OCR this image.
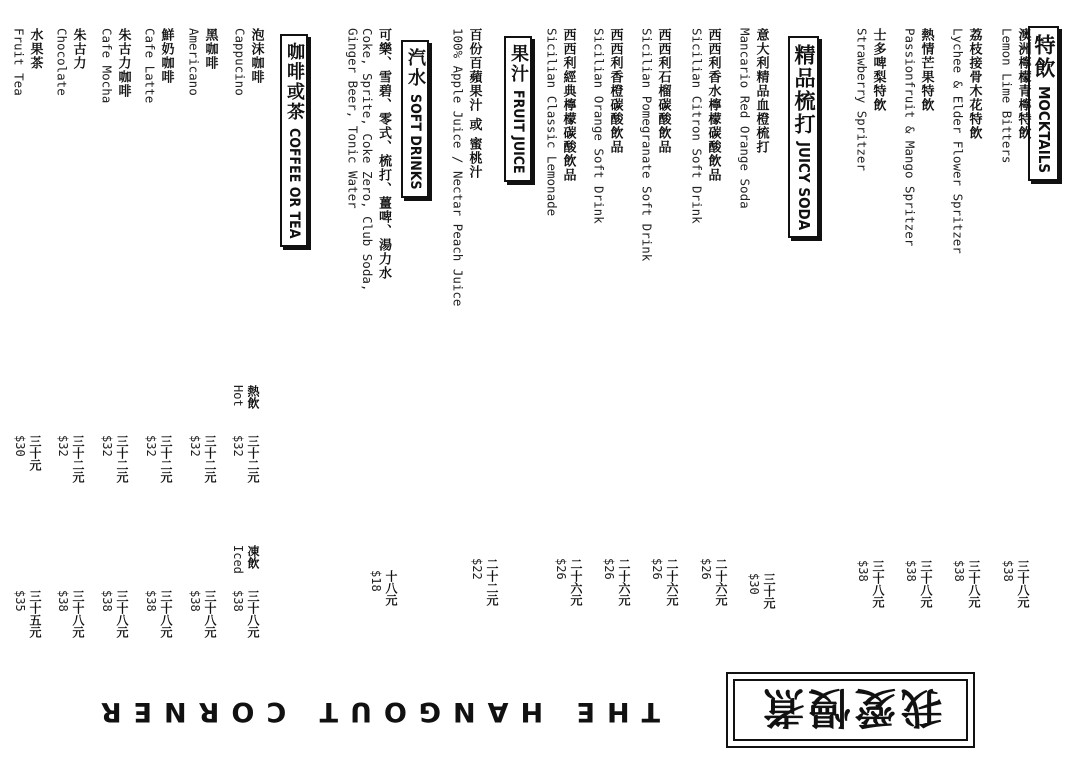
特飲MOCKTAILS
精品梳打JUICY SODA
果汁FRUIT JUICE
汽水SOFT DRINKS
咖啡或茶COFFEE OR TEA
澳洲檸檬青檸特飲
Lemon Lime Bitters
荔枝接骨木花特飲
Lychee & Elder Flower Spritzer
熱情芒果特飲
Passionfruit & Mango Spritzer
士多啤梨特飲
Strawberry Spritzer
意大利精品血橙梳打
Mancario Red Orange Soda
西西利香水檸檬碳酸飲品
Sicilian Citron Soft Drink
西西利石榴碳酸飲品
Sicilian Pomegranate Soft Drink
西西利香橙碳酸飲品
Sicilian Orange Soft Drink
西西利經典檸檬碳酸飲品
Sicilian Classic Lemonade
百份百蘋果汁 或 蜜桃汁
100% Apple Juice / Nectar Peach Juice
可樂、雪碧、零式、梳打、薑啤、湯力水
Coke, Sprite, Coke Zero, Club Soda,
Ginger Beer, Tonic Water
泡沫咖啡
Cappucino
黑咖啡
Americano
鮮奶咖啡
Cafe Latte
朱古力咖啡
Cafe Mocha
朱古力
Chocolate
水果茶
Fruit Tea
熱飲
Hot
凍飲
Iced
三十八元
$38
三十八元
$38
三十八元
$38
三十八元
$38
三十元
$30
二十六元
$26
二十六元
$26
二十六元
$26
二十六元
$26
二十二元
$22
十八元
$18
三十二元
$32
三十二元
$32
三十二元
$32
三十二元
$32
三十二元
$32
三十元
$30
三十八元
$38
三十八元
$38
三十八元
$38
三十八元
$38
三十八元
$38
三十五元
$35
我愛慢煮
THE HANGOUT CORNER
